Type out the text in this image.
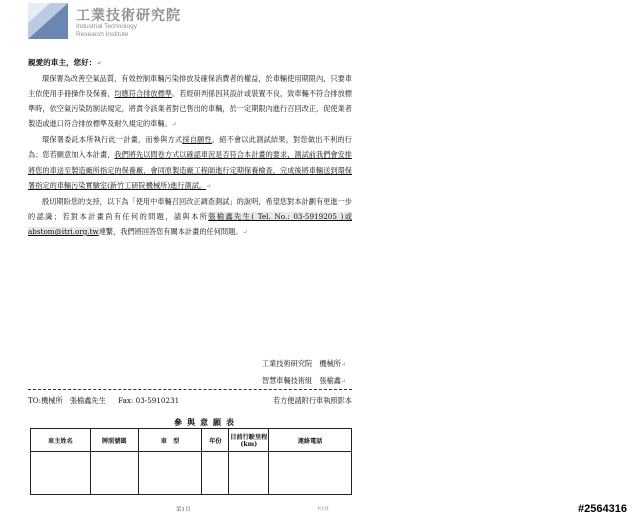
工業技術研究院
Industrial Technology
Research Institute
親愛的車主，您好：↵
環保署為改善空氣品質，有效控制車輛污染排放及確保消費者的權益，於車輛使用期限內，只要車主依使用手冊操作及保養，均應符合排放標準。若經研判係因其設計或裝置不良，致車輛不符合排放標準時，依空氣污染防制法規定，將責令該業者對已售出的車輛，於一定期限內進行召回改正，促使業者製造或進口符合排放標準及耐久規定的車輛。↵
環保署委託本所執行此一計畫，而參與方式採自願性，絕不會以此測試結果，對您做出不利的行為；您若願意加入本計畫，我們將先以問卷方式以確認車況是否符合本計畫的要求，測試前我們會安排將您的車送至製造廠所指定的保養廠，會同原製造廠工程師進行定期保養檢查，完成後將車輛送到環保署指定的車輛污染實驗室(新竹工研院機械所)進行測試。↵
殷切期盼您的支持，以下為「使用中車輛召回改正調查測試」的說明，希望您對本計劃有更進一步的認識；若對本計畫尚有任何的問題，請與本所張榆鑫先生( Tel. No.: 03-5919205 )或 abstom@itri.org.tw連繫，我們將回答您有關本計畫的任何問題。↵
工業技術研究院　機械所↵
智慧車輛技術組　張榆鑫↵
TO:機械所　張榆鑫先生 Fax: 03-5910231	若方便請附行車執照影本
參與意願表
車主姓名	牌照號碼	車　型	年份	目前行駛里程(km)	連絡電話

第1頁	共1頁	#2564316
